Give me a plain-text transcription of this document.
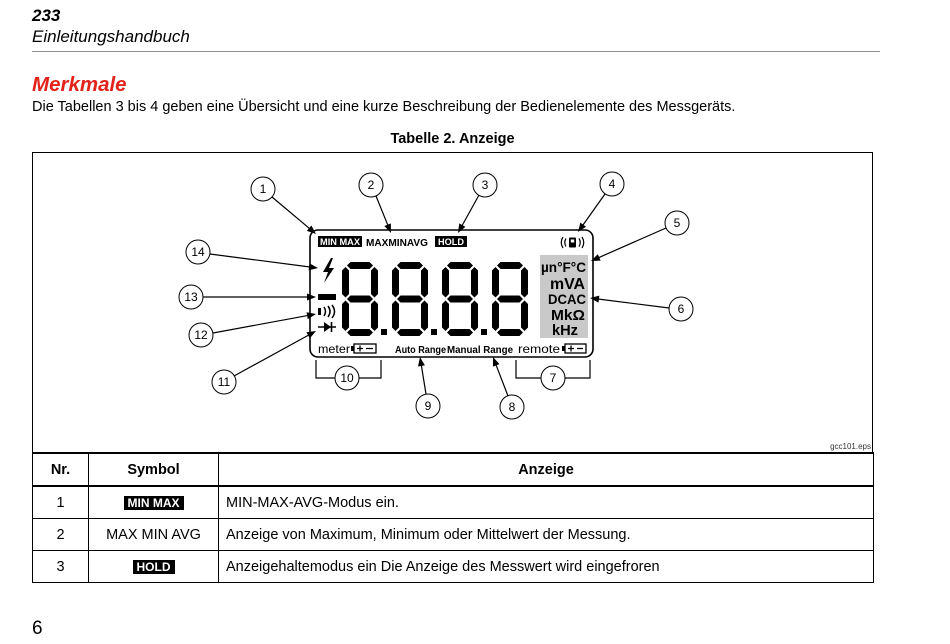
233
Einleitungshandbuch
Merkmale
Die Tabellen 3 bis 4 geben eine Übersicht und eine kurze Beschreibung der Bedienelemente des Messgeräts.
Tabelle 2. Anzeige
MIN MAX MAXMINAVG HOLD
µn°F°C
mVA
DCAC
MkΩ
kHz
meter	Auto Range Manual Range remote
1	2	3	4
5
6
7
8
9
10
11
12
13
14
gcc101.eps
Nr.	Symbol	Anzeige
1	MIN MAX	MIN-MAX-AVG-Modus ein.
2	MAX MIN AVG	Anzeige von Maximum, Minimum oder Mittelwert der Messung.
3	HOLD	Anzeigehaltemodus ein Die Anzeige des Messwert wird eingefroren
6
